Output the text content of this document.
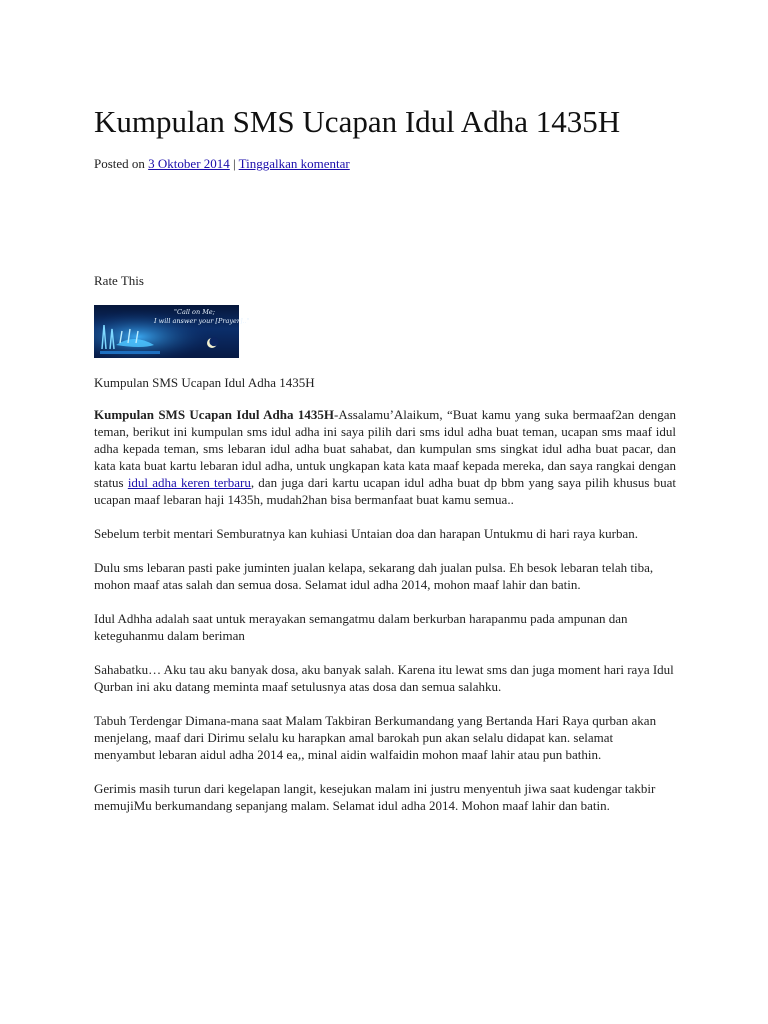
Kumpulan SMS Ucapan Idul Adha 1435H
Posted on 3 Oktober 2014 | Tinggalkan komentar
Rate This
"Call on Me;
I will answer your [Prayer].."
Kumpulan SMS Ucapan Idul Adha 1435H

Kumpulan SMS Ucapan Idul Adha 1435H-Assalamu’Alaikum, “Buat kamu yang suka bermaaf2an dengan teman, berikut ini kumpulan sms idul adha ini saya pilih dari sms idul adha buat teman, ucapan sms maaf idul adha kepada teman, sms lebaran idul adha buat sahabat, dan kumpulan sms singkat idul adha buat pacar, dan kata kata buat kartu lebaran idul adha, untuk ungkapan kata kata maaf kepada mereka, dan saya rangkai dengan status idul adha keren terbaru, dan juga dari kartu ucapan idul adha buat dp bbm yang saya pilih khusus buat ucapan maaf lebaran haji 1435h, mudah2han bisa bermanfaat buat kamu semua..

Sebelum terbit mentari Semburatnya kan kuhiasi Untaian doa dan harapan Untukmu di hari raya kurban.

Dulu sms lebaran pasti pake juminten jualan kelapa, sekarang dah jualan pulsa. Eh besok lebaran telah tiba, mohon maaf atas salah dan semua dosa. Selamat idul adha 2014, mohon maaf lahir dan batin.

Idul Adhha adalah saat untuk merayakan semangatmu dalam berkurban harapanmu pada ampunan dan keteguhanmu dalam beriman

Sahabatku… Aku tau aku banyak dosa, aku banyak salah. Karena itu lewat sms dan juga moment hari raya Idul Qurban ini aku datang meminta maaf setulusnya atas dosa dan semua salahku.

Tabuh Terdengar Dimana-mana saat Malam Takbiran Berkumandang yang Bertanda Hari Raya qurban akan menjelang, maaf dari Dirimu selalu ku harapkan amal barokah pun akan selalu didapat kan. selamat menyambut lebaran aidul adha 2014 ea,, minal aidin walfaidin mohon maaf lahir atau pun bathin.

Gerimis masih turun dari kegelapan langit, kesejukan malam ini justru menyentuh jiwa saat kudengar takbir memujiMu berkumandang sepanjang malam. Selamat idul adha 2014. Mohon maaf lahir dan batin.
